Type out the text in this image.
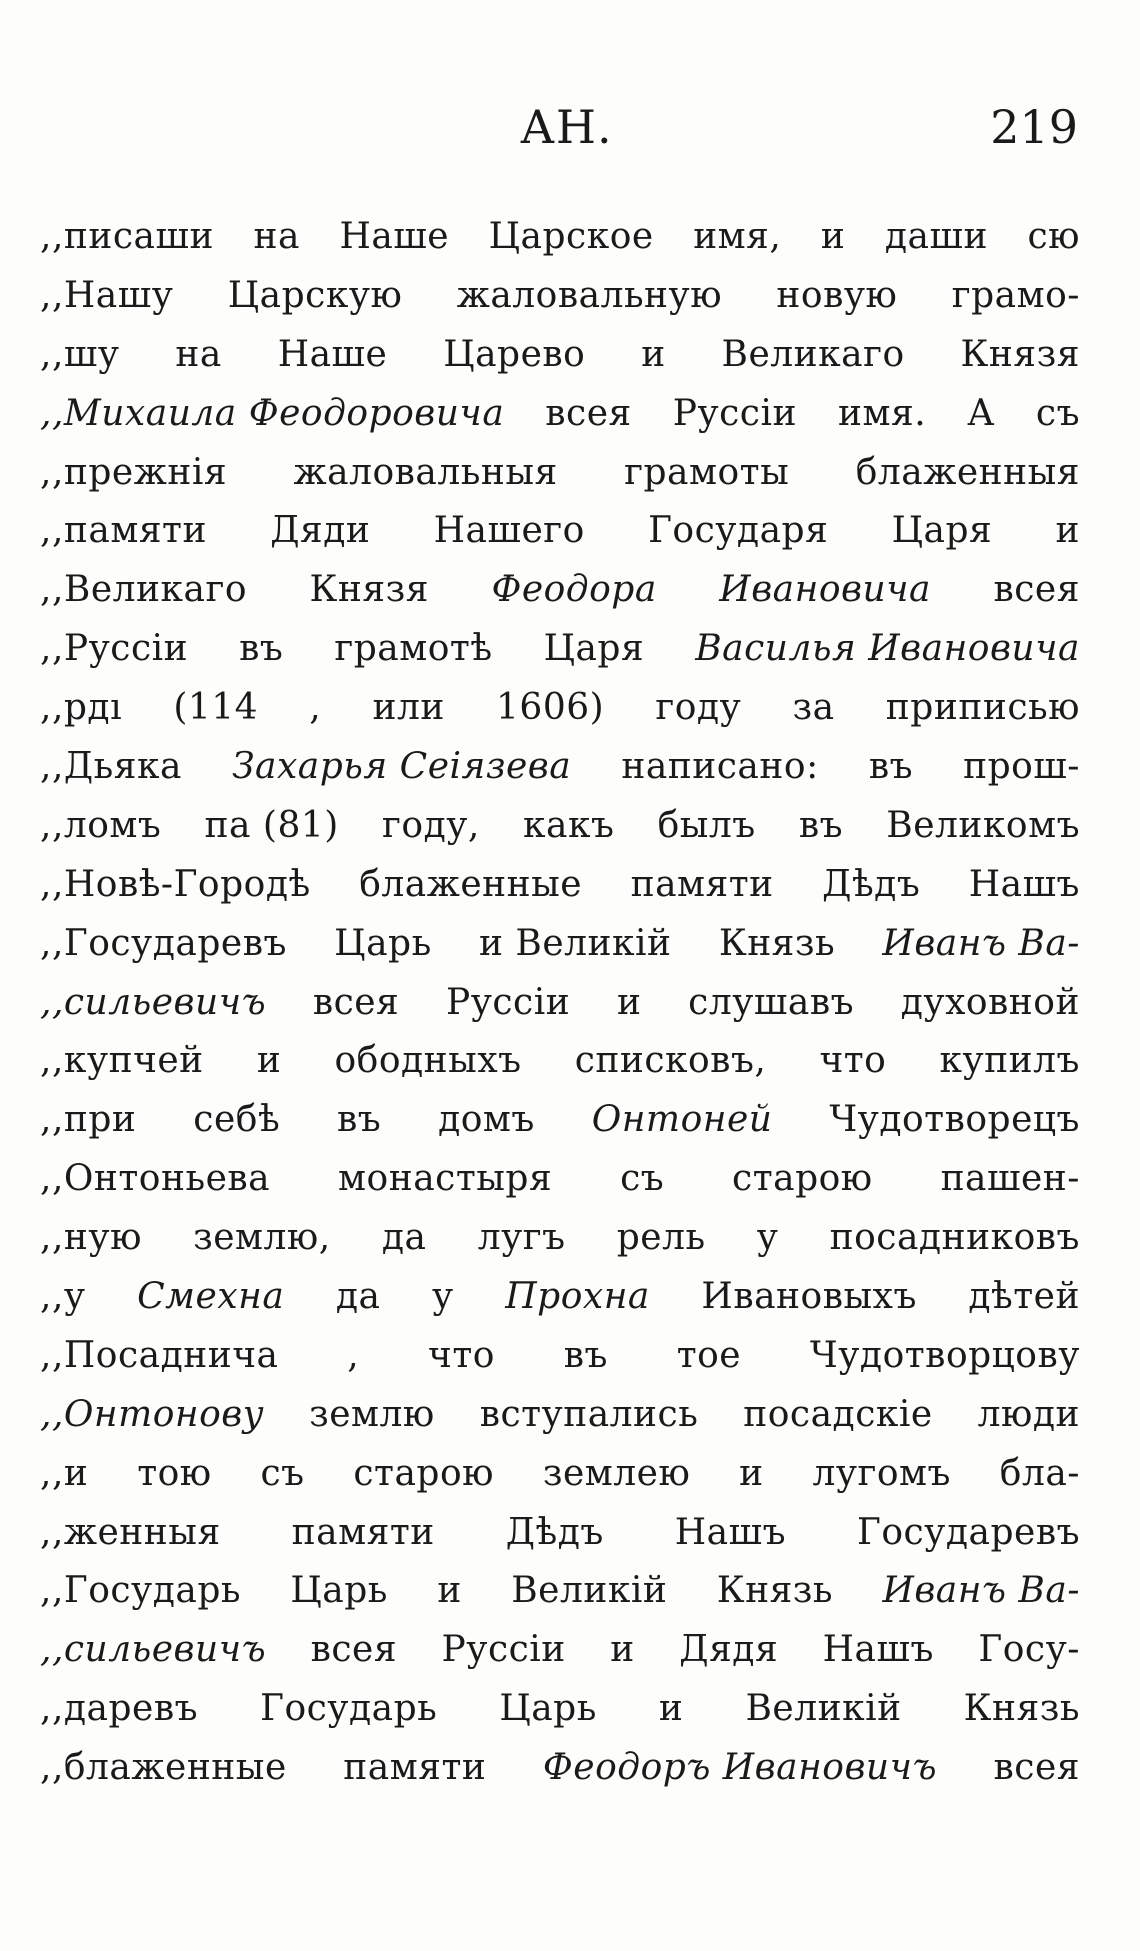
АН.	219
,,писаши на Наше Царское имя, и даши сю
,,Нашу Царскую жаловальную новую грамо-
,,шу на Наше Царево и Великаго Князя
,,Михаила Феодоровича всея Руссіи имя. А съ
,,прежнія жаловальныя грамоты блаженныя
,,памяти Дяди Нашего Государя Царя и
,,Великаго Князя Феодора Ивановича всея
,,Руссіи въ грамотѣ Царя Василья Ивановича
,,рдı (114 , или 1606) году за приписью
,,Дьяка Захарья Сеіязева написано: въ прош-
,,ломъ па (81) году, какъ былъ въ Великомъ
,,Новѣ-Городѣ блаженные памяти Дѣдъ Нашъ
,,Государевъ Царь и Великій Князь Иванъ Ва-
,,сильевичъ всея Руссіи и слушавъ духовной
,,купчей и ободныхъ списковъ, что купилъ
,,при себѣ въ домъ Онтоней Чудотворецъ
,,Онтоньева монастыря съ старою пашен-
,,ную землю, да лугъ рель у посадниковъ
,,у Смехна да у Прохна Ивановыхъ дѣтей
,,Посаднича , что въ тое Чудотворцову
,,Онтонову землю вступались посадскіе люди
,,и тою съ старою землею и лугомъ бла-
,,женныя памяти Дѣдъ Нашъ Государевъ
,,Государь Царь и Великій Князь Иванъ Ва-
,,сильевичъ всея Руссіи и Дядя Нашъ Госу-
,,даревъ Государь Царь и Великій Князь
,,блаженные памяти Феодоръ Ивановичъ всея
